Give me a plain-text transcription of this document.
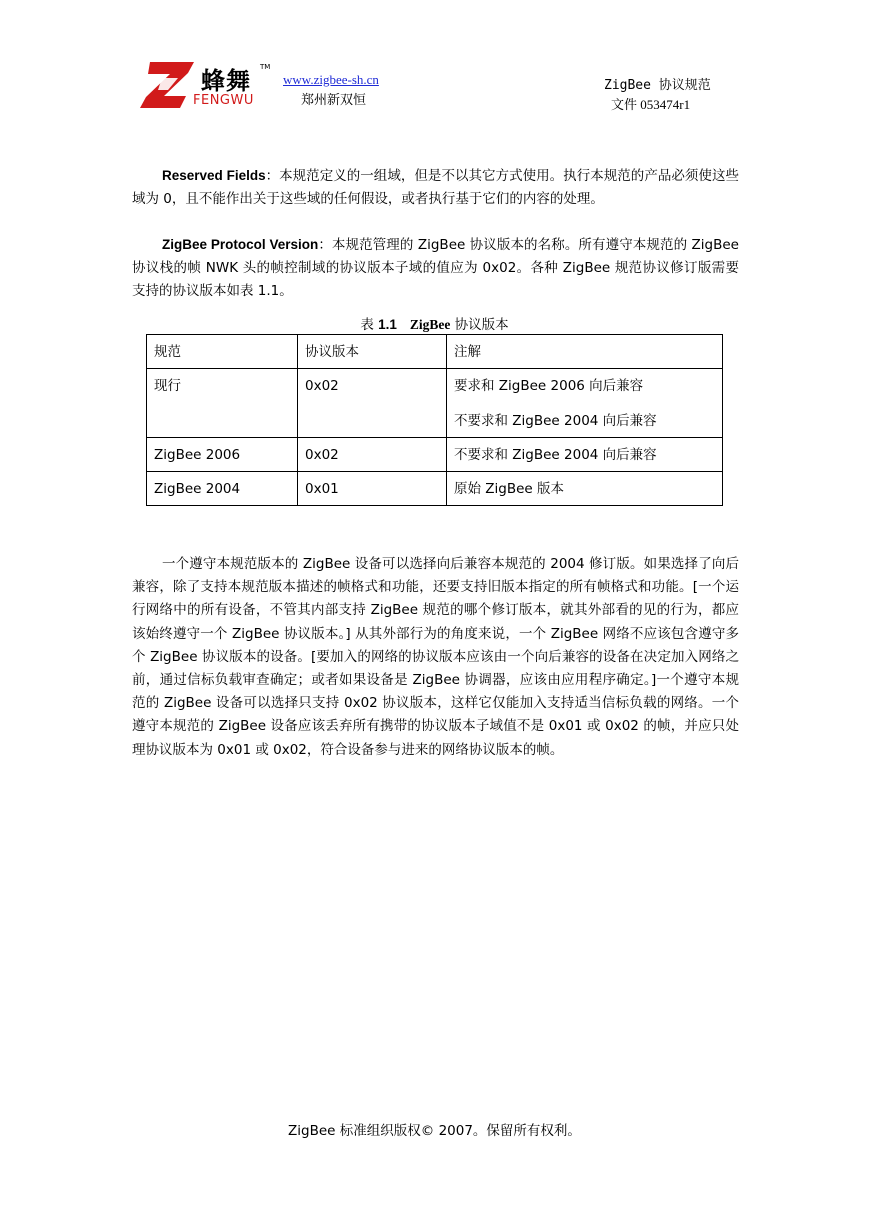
蜂舞 TM
FENGWU
www.zigbee-sh.cn
郑州新双恒
ZigBee 协议规范
文件 053474r1

Reserved Fields：本规范定义的一组域，但是不以其它方式使用。执行本规范的产品必须使这些域为 0，且不能作出关于这些域的任何假设，或者执行基于它们的内容的处理。

ZigBee Protocol Version：本规范管理的 ZigBee 协议版本的名称。所有遵守本规范的 ZigBee 协议栈的帧 NWK 头的帧控制域的协议版本子域的值应为 0x02。各种 ZigBee 规范协议修订版需要支持的协议版本如表 1.1。

表 1.1 ZigBee 协议版本
规范	协议版本	注解
现行	0x02	要求和 ZigBee 2006 向后兼容
不要求和 ZigBee 2004 向后兼容

ZigBee 2006	0x02	不要求和 ZigBee 2004 向后兼容

ZigBee 2004	0x01	原始 ZigBee 版本

一个遵守本规范版本的 ZigBee 设备可以选择向后兼容本规范的 2004 修订版。如果选择了向后兼容，除了支持本规范版本描述的帧格式和功能，还要支持旧版本指定的所有帧格式和功能。[一个运行网络中的所有设备，不管其内部支持 ZigBee 规范的哪个修订版本，就其外部看的见的行为，都应该始终遵守一个 ZigBee 协议版本。] 从其外部行为的角度来说，一个 ZigBee 网络不应该包含遵守多个 ZigBee 协议版本的设备。[要加入的网络的协议版本应该由一个向后兼容的设备在决定加入网络之前，通过信标负载审查确定；或者如果设备是 ZigBee 协调器，应该由应用程序确定。]一个遵守本规范的 ZigBee 设备可以选择只支持 0x02 协议版本，这样它仅能加入支持适当信标负载的网络。一个遵守本规范的 ZigBee 设备应该丢弃所有携带的协议版本子域值不是 0x01 或 0x02 的帧，并应只处理协议版本为 0x01 或 0x02，符合设备参与进来的网络协议版本的帧。

ZigBee 标准组织版权© 2007。保留所有权利。
